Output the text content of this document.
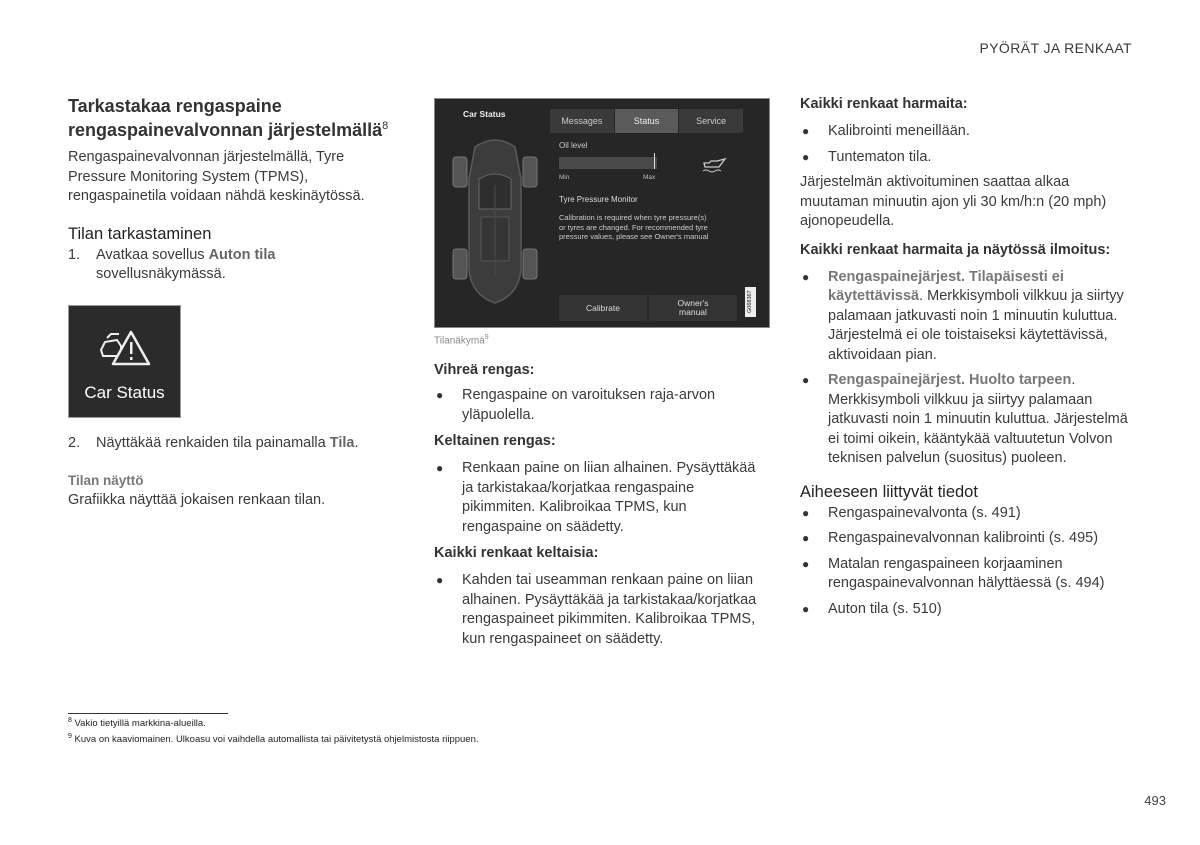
PYÖRÄT JA RENKAAT
Tarkastakaa rengaspaine rengaspainevalvonnan järjestelmällä$^8$

Rengaspainevalvonnan järjestelmällä, Tyre Pressure Monitoring System (TPMS), rengaspainetila voidaan nähdä keskinäytössä.

Tilan tarkastaminen
1. Avatkaa sovellus Auton tila sovellusnäkymässä.
Car Status
2. Näyttäkää renkaiden tila painamalla Tila.
Tilan näyttö

Grafiikka näyttää jokaisen renkaan tilan.

Car Status
Messages	Status	Service
Oil level
Min	Max
Tyre Pressure Monitor
Calibration is required when tyre pressure(s) or tyres are changed. For recommended tyre pressure values, please see Owner's manual
Calibrate	Owner's
manual	G068367
Tilanäkymä$^9$
Vihreä rengas:
● Rengaspaine on varoituksen raja-arvon yläpuolella.
Keltainen rengas:
● Renkaan paine on liian alhainen. Pysäyttäkää ja tarkistakaa/korjatkaa rengaspaine pikimmiten. Kalibroikaa TPMS, kun rengaspaine on säädetty.
Kaikki renkaat keltaisia:
● Kahden tai useamman renkaan paine on liian alhainen. Pysäyttäkää ja tarkistakaa/korjatkaa rengaspaineet pikimmiten. Kalibroikaa TPMS, kun rengaspaineet on säädetty.
Kaikki renkaat harmaita:
● Kalibrointi meneillään.
● Tuntematon tila.

Järjestelmän aktivoituminen saattaa alkaa muutaman minuutin ajon yli 30 km/h:n (20 mph) ajonopeudella.

Kaikki renkaat harmaita ja näytössä ilmoitus:
● Rengaspainejärjest. Tilapäisesti ei käytettävissä. Merkkisymboli vilkkuu ja siirtyy palamaan jatkuvasti noin 1 minuutin kuluttua. Järjestelmä ei ole toistaiseksi käytettävissä, aktivoidaan pian.
● Rengaspainejärjest. Huolto tarpeen. Merkkisymboli vilkkuu ja siirtyy palamaan jatkuvasti noin 1 minuutin kuluttua. Järjestelmä ei toimi oikein, kääntykää valtuutetun Volvon teknisen palvelun (suositus) puoleen.
Aiheeseen liittyvät tiedot
● Rengaspainevalvonta (s. 491)
● Rengaspainevalvonnan kalibrointi (s. 495)
● Matalan rengaspaineen korjaaminen rengaspainevalvonnan hälyttäessä (s. 494)
● Auton tila (s. 510)
$^8$ Vakio tietyillä markkina-alueilla.
$^9$ Kuva on kaaviomainen. Ulkoasu voi vaihdella automallista tai päivitetystä ohjelmistosta riippuen.
493
